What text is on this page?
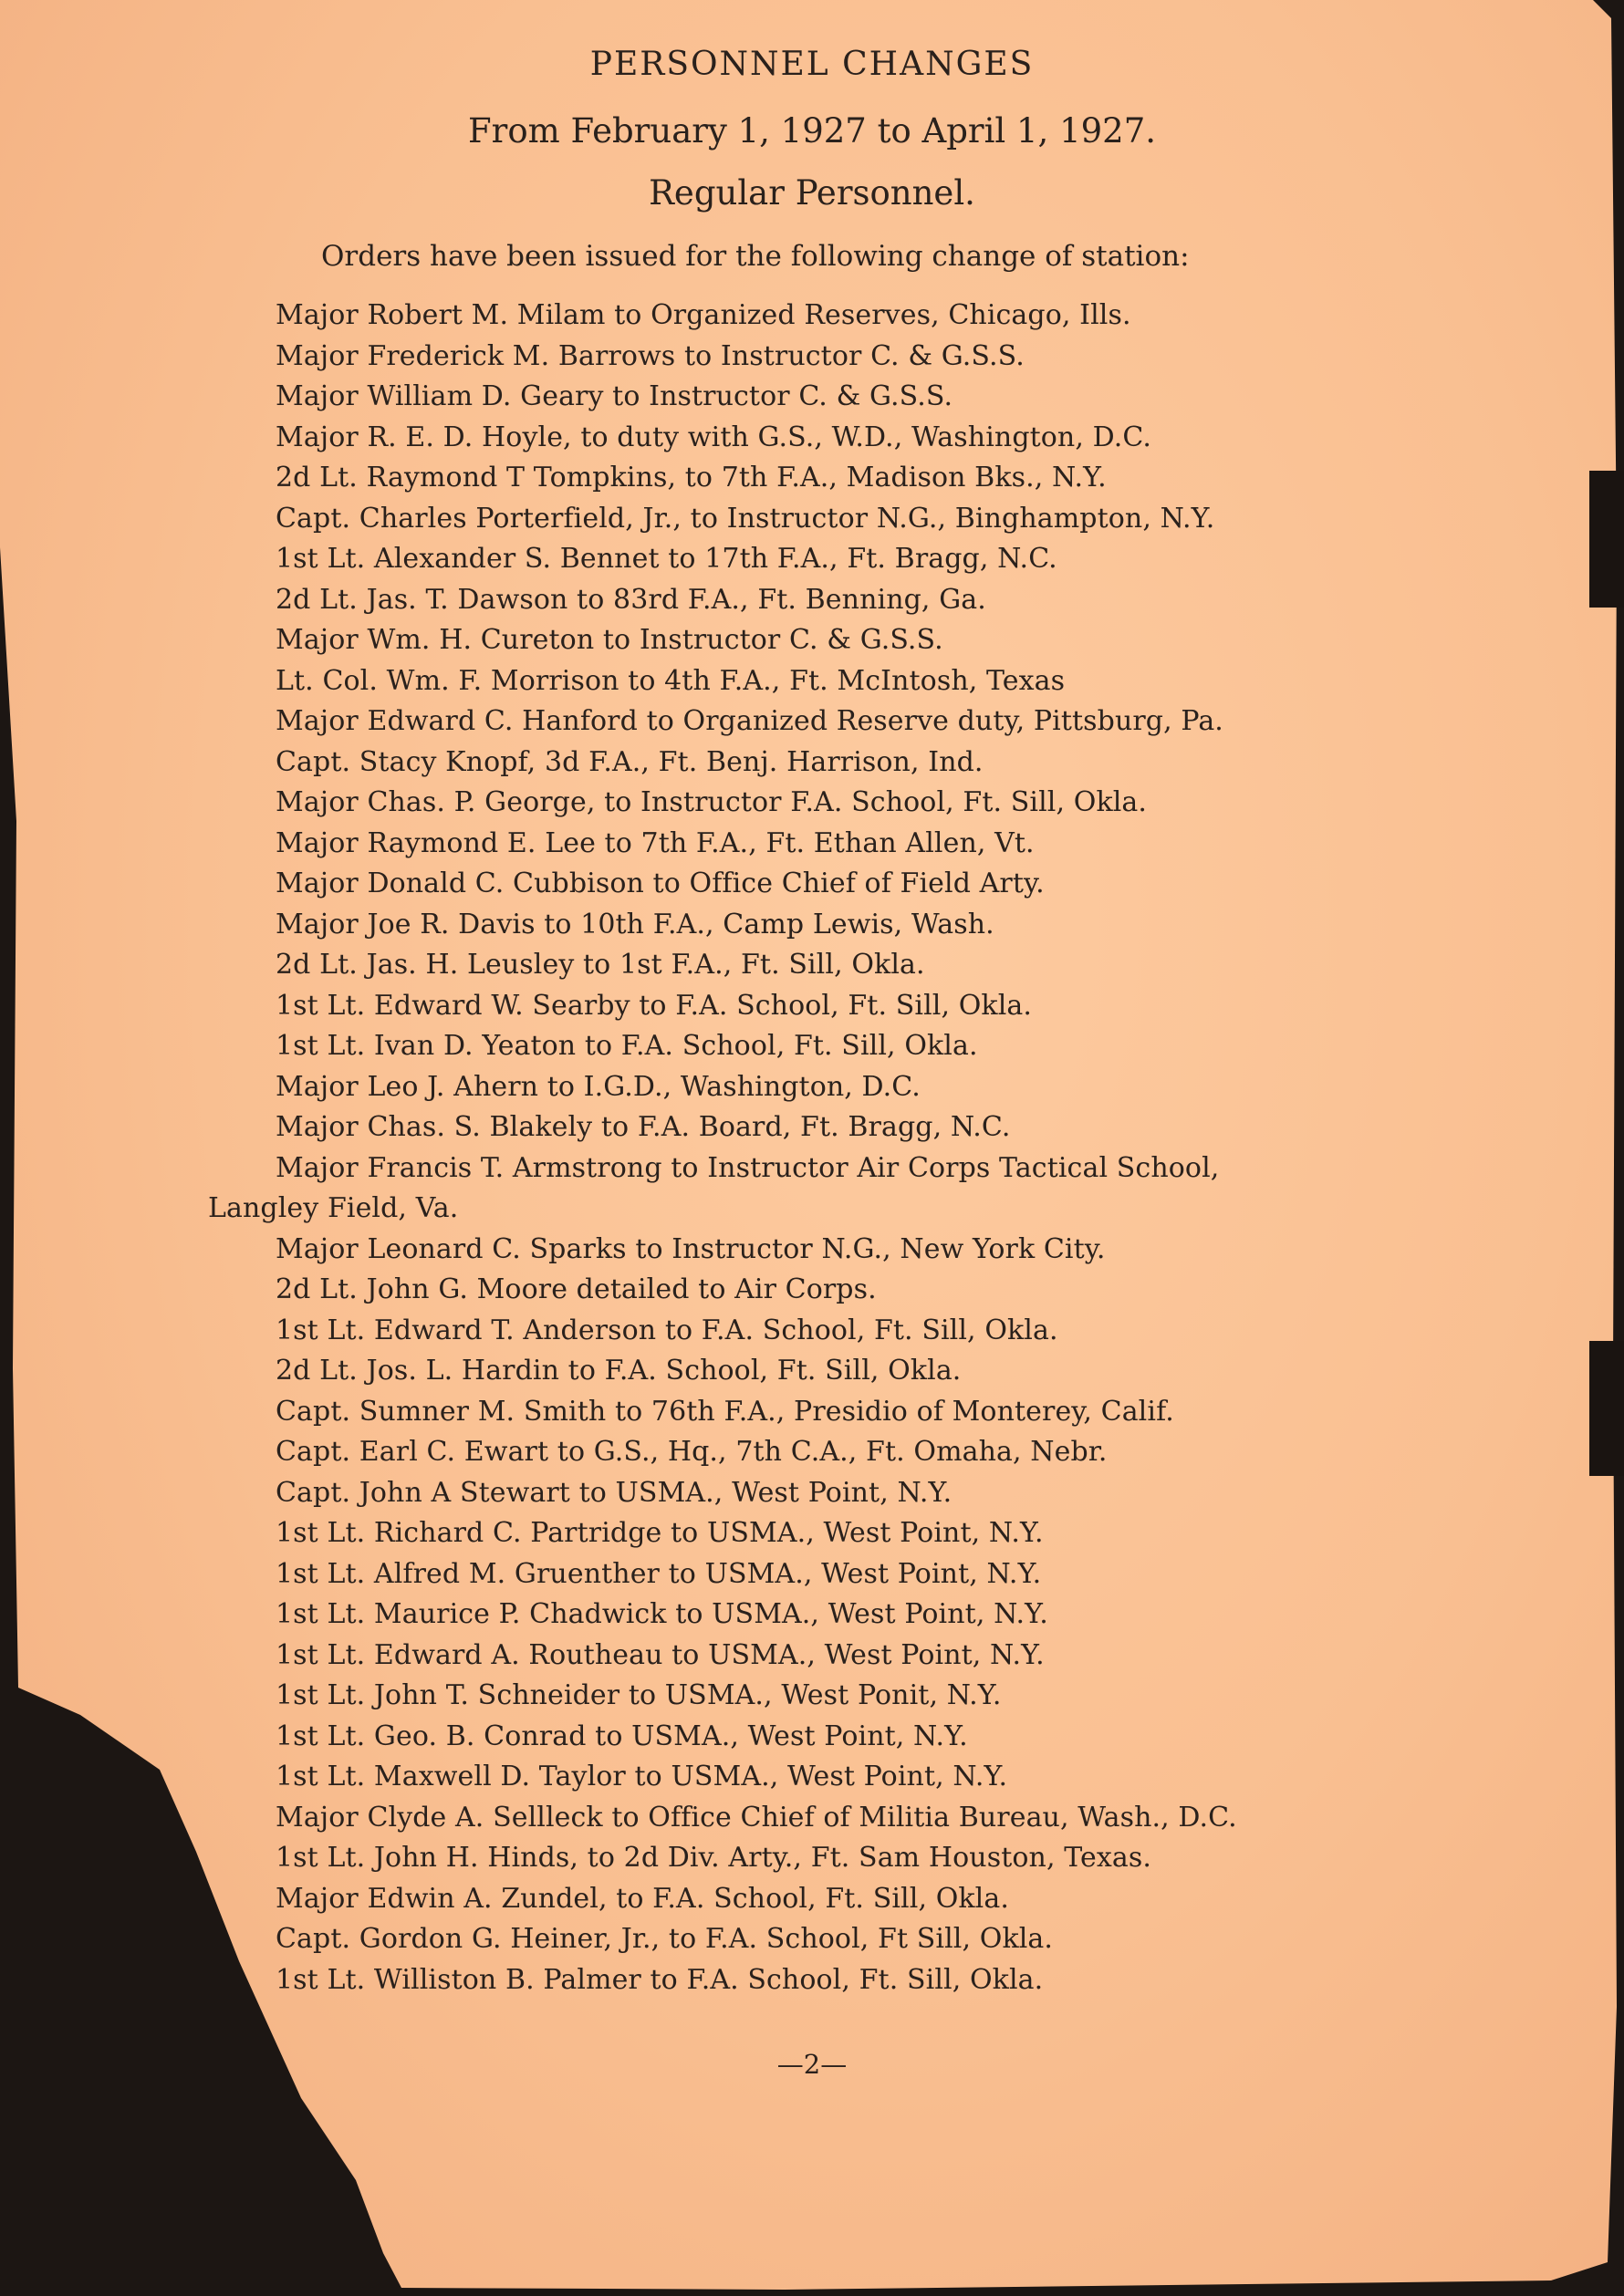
PERSONNEL CHANGES
From February 1, 1927 to April 1, 1927.
Regular Personnel.

Orders have been issued for the following change of station:

Major Robert M. Milam to Organized Reserves, Chicago, Ills.
Major Frederick M. Barrows to Instructor C. & G.S.S.
Major William D. Geary to Instructor C. & G.S.S.
Major R. E. D. Hoyle, to duty with G.S., W.D., Washington, D.C.
2d Lt. Raymond T Tompkins, to 7th F.A., Madison Bks., N.Y.
Capt. Charles Porterfield, Jr., to Instructor N.G., Binghampton, N.Y.
1st Lt. Alexander S. Bennet to 17th F.A., Ft. Bragg, N.C.
2d Lt. Jas. T. Dawson to 83rd F.A., Ft. Benning, Ga.
Major Wm. H. Cureton to Instructor C. & G.S.S.
Lt. Col. Wm. F. Morrison to 4th F.A., Ft. McIntosh, Texas
Major Edward C. Hanford to Organized Reserve duty, Pittsburg, Pa.
Capt. Stacy Knopf, 3d F.A., Ft. Benj. Harrison, Ind.
Major Chas. P. George, to Instructor F.A. School, Ft. Sill, Okla.
Major Raymond E. Lee to 7th F.A., Ft. Ethan Allen, Vt.
Major Donald C. Cubbison to Office Chief of Field Arty.
Major Joe R. Davis to 10th F.A., Camp Lewis, Wash.
2d Lt. Jas. H. Leusley to 1st F.A., Ft. Sill, Okla.
1st Lt. Edward W. Searby to F.A. School, Ft. Sill, Okla.
1st Lt. Ivan D. Yeaton to F.A. School, Ft. Sill, Okla.
Major Leo J. Ahern to I.G.D., Washington, D.C.
Major Chas. S. Blakely to F.A. Board, Ft. Bragg, N.C.
Major Francis T. Armstrong to Instructor Air Corps Tactical School,
Langley Field, Va.
Major Leonard C. Sparks to Instructor N.G., New York City.
2d Lt. John G. Moore detailed to Air Corps.
1st Lt. Edward T. Anderson to F.A. School, Ft. Sill, Okla.
2d Lt. Jos. L. Hardin to F.A. School, Ft. Sill, Okla.
Capt. Sumner M. Smith to 76th F.A., Presidio of Monterey, Calif.
Capt. Earl C. Ewart to G.S., Hq., 7th C.A., Ft. Omaha, Nebr.
Capt. John A Stewart to USMA., West Point, N.Y.
1st Lt. Richard C. Partridge to USMA., West Point, N.Y.
1st Lt. Alfred M. Gruenther to USMA., West Point, N.Y.
1st Lt. Maurice P. Chadwick to USMA., West Point, N.Y.
1st Lt. Edward A. Routheau to USMA., West Point, N.Y.
1st Lt. John T. Schneider to USMA., West Ponit, N.Y.
1st Lt. Geo. B. Conrad to USMA., West Point, N.Y.
1st Lt. Maxwell D. Taylor to USMA., West Point, N.Y.
Major Clyde A. Sellleck to Office Chief of Militia Bureau, Wash., D.C.
1st Lt. John H. Hinds, to 2d Div. Arty., Ft. Sam Houston, Texas.
Major Edwin A. Zundel, to F.A. School, Ft. Sill, Okla.
Capt. Gordon G. Heiner, Jr., to F.A. School, Ft Sill, Okla.
1st Lt. Williston B. Palmer to F.A. School, Ft. Sill, Okla.

—2—
